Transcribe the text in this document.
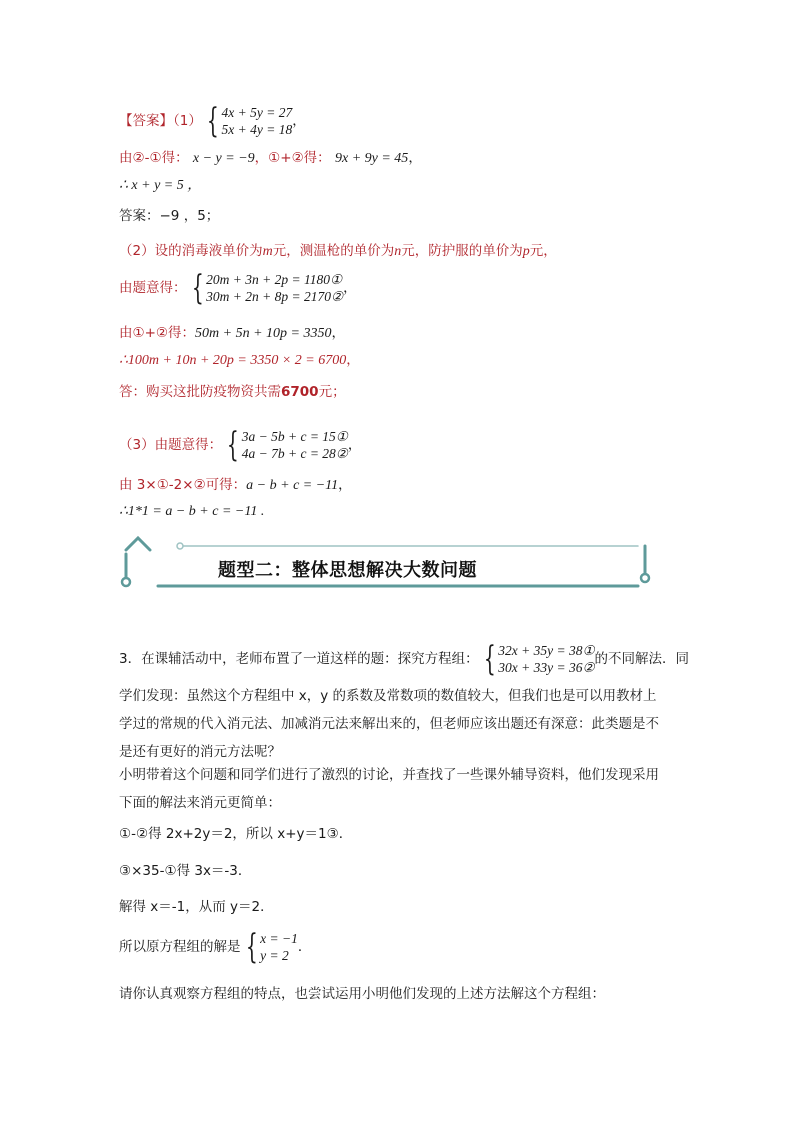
【答案】（1） { 4x + 5y = 27
5x + 4y = 18
，
由②-①得： x − y = −9，①+②得： 9x + 9y = 45，
∴ x + y = 5 ，
答案：−9 ，5；
（2）设的消毒液单价为m元，测温枪的单价为n元，防护服的单价为p元，
由题意得： { 20m + 3n + 2p = 1180①
30m + 2n + 8p = 2170②
，
由①+②得：50m + 5n + 10p = 3350，
∴100m + 10n + 20p = 3350 × 2 = 6700，
答：购买这批防疫物资共需6700元；
（3）由题意得： { 3a − 5b + c = 15①
4a − 7b + c = 28②
，
由 3×①-2×②可得：a − b + c = −11，
∴1*1 = a − b + c = −11 .
题型二：整体思想解决大数问题
3．在课辅活动中，老师布置了一道这样的题：探究方程组： { 32x + 35y = 38①
30x + 33y = 36②
的不同解法．同
学们发现：虽然这个方程组中 x，y 的系数及常数项的数值较大，但我们也是可以用教材上
学过的常规的代入消元法、加减消元法来解出来的，但老师应该出题还有深意：此类题是不
是还有更好的消元方法呢？
小明带着这个问题和同学们进行了激烈的讨论，并查找了一些课外辅导资料，他们发现采用
下面的解法来消元更简单：
①-②得 2x+2y＝2，所以 x+y＝1③．
③×35-①得 3x＝-3．
解得 x＝-1，从而 y＝2．
所以原方程组的解是 { x = −1
y = 2
．
请你认真观察方程组的特点，也尝试运用小明他们发现的上述方法解这个方程组：
